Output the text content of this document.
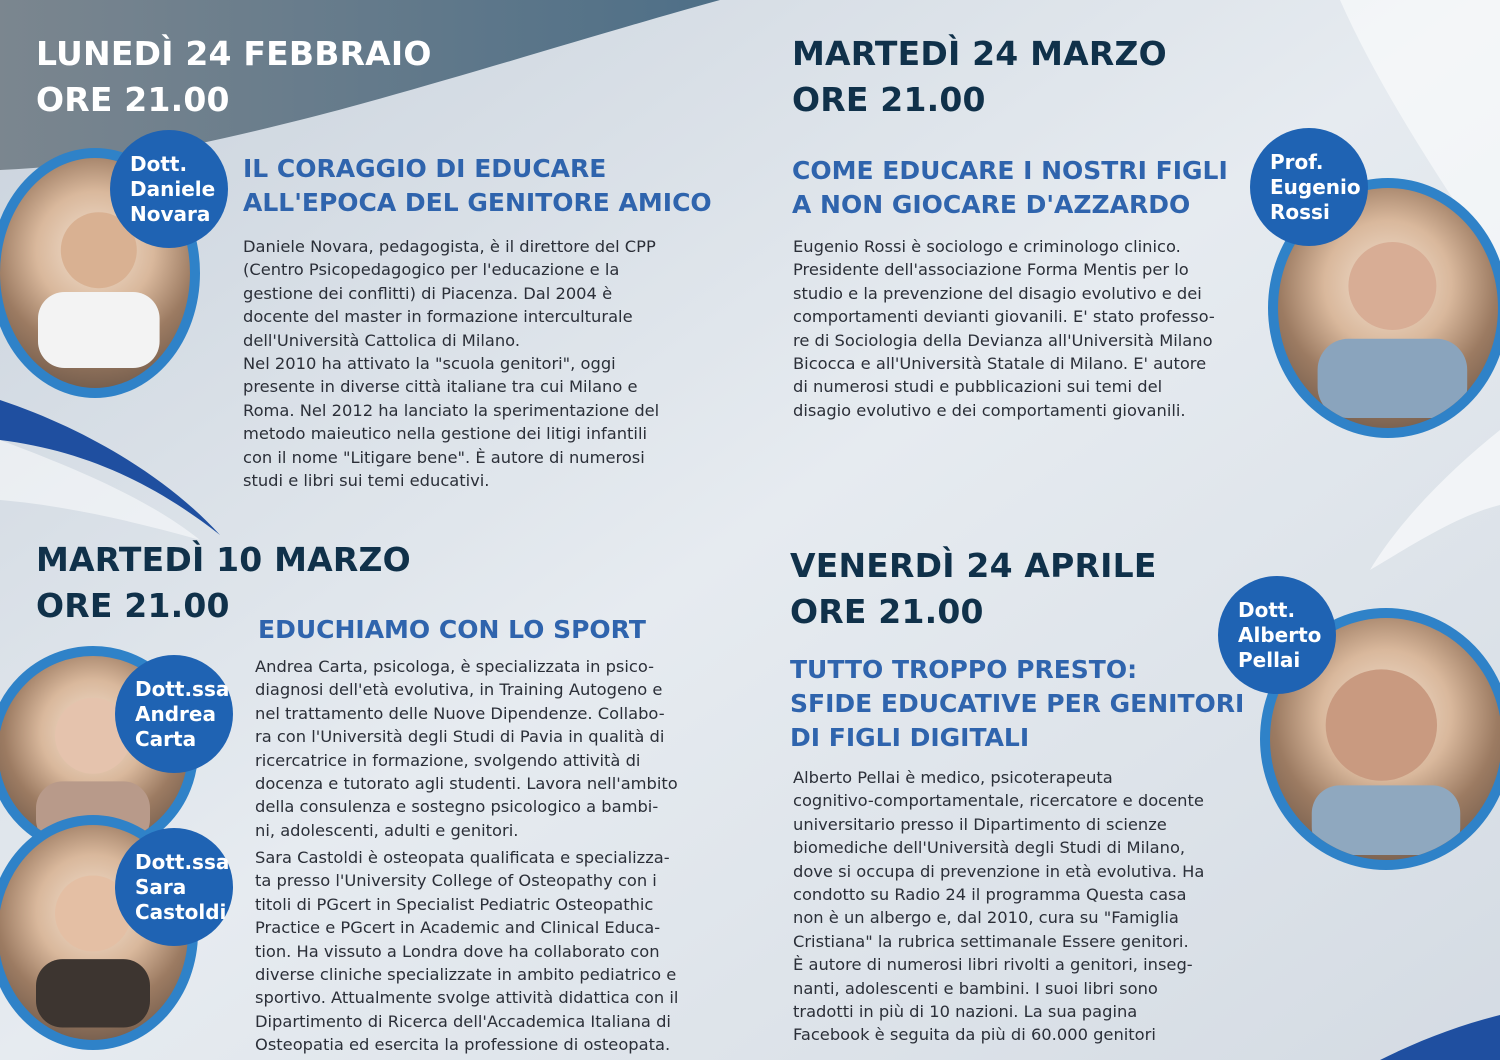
LUNEDÌ 24 FEBBRAIO
ORE 21.00
Dott.
Daniele
Novara
IL CORAGGIO DI EDUCARE
ALL'EPOCA DEL GENITORE AMICO
Daniele Novara, pedagogista, è il direttore del CPP
(Centro Psicopedagogico per l'educazione e la
gestione dei conflitti) di Piacenza. Dal 2004 è
docente del master in formazione interculturale
dell'Università Cattolica di Milano.
Nel 2010 ha attivato la "scuola genitori", oggi
presente in diverse città italiane tra cui Milano e
Roma. Nel 2012 ha lanciato la sperimentazione del
metodo maieutico nella gestione dei litigi infantili
con il nome "Litigare bene". È autore di numerosi
studi e libri sui temi educativi.
MARTEDÌ 24 MARZO
ORE 21.00
COME EDUCARE I NOSTRI FIGLI
A NON GIOCARE D'AZZARDO
Eugenio Rossi è sociologo e criminologo clinico.
Presidente dell'associazione Forma Mentis per lo
studio e la prevenzione del disagio evolutivo e dei
comportamenti devianti giovanili. E' stato professo-
re di Sociologia della Devianza all'Università Milano
Bicocca e all'Università Statale di Milano. E' autore
di numerosi studi e pubblicazioni sui temi del
disagio evolutivo e dei comportamenti giovanili.
Prof.
Eugenio
Rossi
MARTEDÌ 10 MARZO
ORE 21.00
EDUCHIAMO CON LO SPORT
Dott.ssa
Andrea
Carta
Dott.ssa
Sara
Castoldi
Andrea Carta, psicologa, è specializzata in psico-
diagnosi dell'età evolutiva, in Training Autogeno e
nel trattamento delle Nuove Dipendenze. Collabo-
ra con l'Università degli Studi di Pavia in qualità di
ricercatrice in formazione, svolgendo attività di
docenza e tutorato agli studenti. Lavora nell'ambito
della consulenza e sostegno psicologico a bambi-
ni, adolescenti, adulti e genitori.
Sara Castoldi è osteopata qualificata e specializza-
ta presso l'University College of Osteopathy con i
titoli di PGcert in Specialist Pediatric Osteopathic
Practice e PGcert in Academic and Clinical Educa-
tion. Ha vissuto a Londra dove ha collaborato con
diverse cliniche specializzate in ambito pediatrico e
sportivo. Attualmente svolge attività didattica con il
Dipartimento di Ricerca dell'Accademica Italiana di
Osteopatia ed esercita la professione di osteopata.
VENERDÌ 24 APRILE
ORE 21.00
TUTTO TROPPO PRESTO:
SFIDE EDUCATIVE PER GENITORI
DI FIGLI DIGITALI
Alberto Pellai è medico, psicoterapeuta
cognitivo-comportamentale, ricercatore e docente
universitario presso il Dipartimento di scienze
biomediche dell'Università degli Studi di Milano,
dove si occupa di prevenzione in età evolutiva. Ha
condotto su Radio 24 il programma Questa casa
non è un albergo e, dal 2010, cura su "Famiglia
Cristiana" la rubrica settimanale Essere genitori.
È autore di numerosi libri rivolti a genitori, inseg-
nanti, adolescenti e bambini. I suoi libri sono
tradotti in più di 10 nazioni. La sua pagina
Facebook è seguita da più di 60.000 genitori
Dott.
Alberto
Pellai
